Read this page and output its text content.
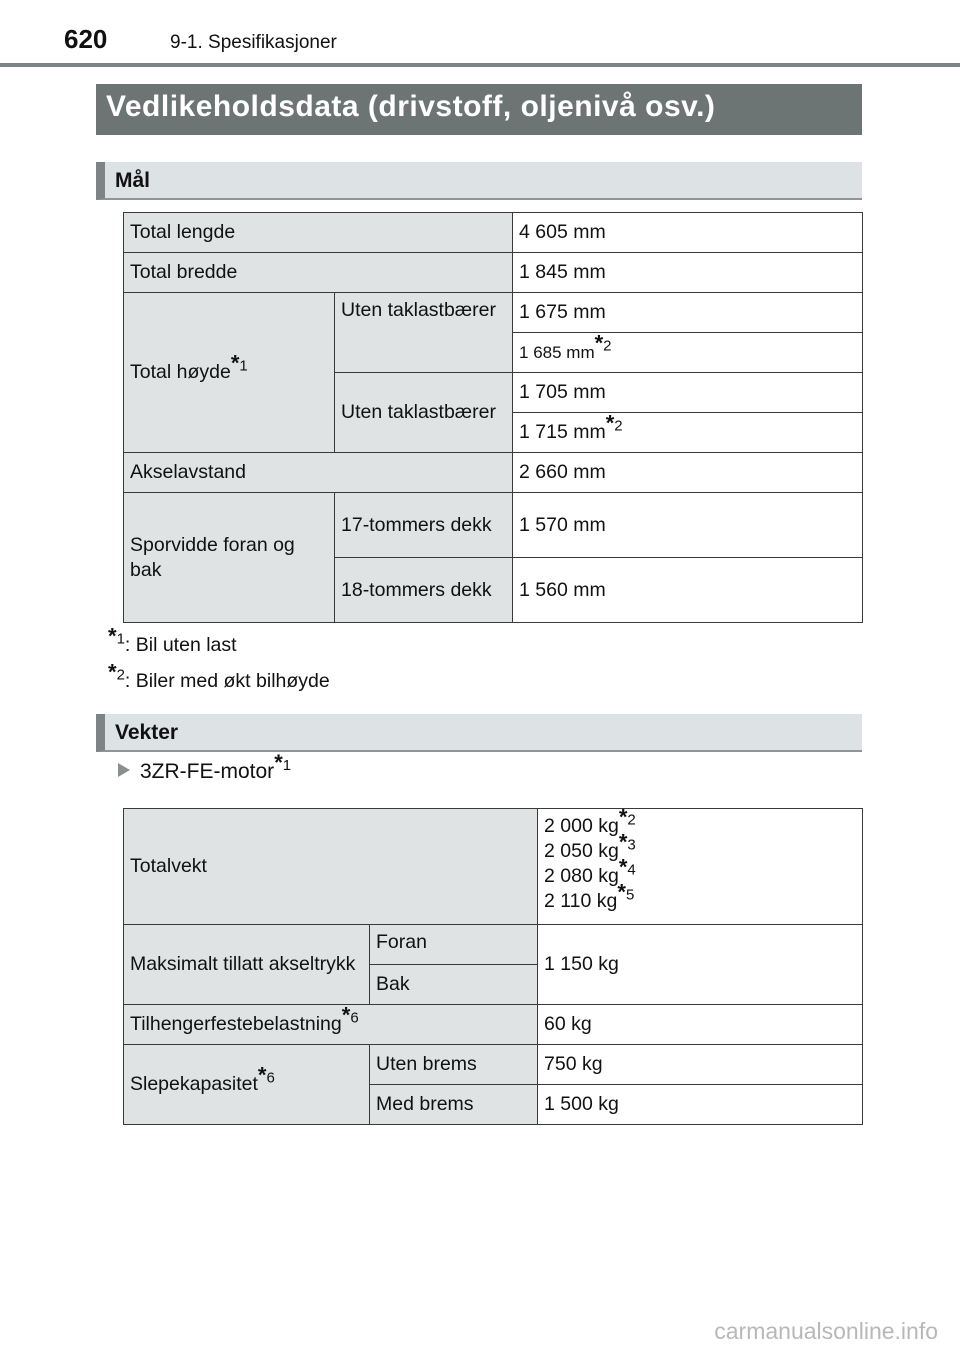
620	9-1. Spesifikasjoner
Vedlikeholdsdata (drivstoff, oljenivå osv.)
Mål
Total lengde		4 605 mm
Total bredde		1 845 mm
Total høyde*$^1$	Uten taklastbærer	1 675 mm
		1 685 mm*$^2$
	Uten taklastbærer	1 705 mm
		1 715 mm*$^2$
Akselavstand		2 660 mm
Sporvidde foran og bak	17-tommers dekk	1 570 mm
	18-tommers dekk	1 560 mm
*$^1$: Bil uten last
*$^2$: Biler med økt bilhøyde
Vekter
3ZR-FE-motor*$^1$
Totalvekt		2 000 kg*$^2$
2 050 kg*$^3$
2 080 kg*$^4$
2 110 kg*$^5$

Maksimalt tillatt akseltrykk	Foran	1 150 kg
	Bak	
Tilhengerfestebelastning*$^6$		60 kg
Slepekapasitet*$^6$	Uten brems	750 kg
	Med brems	1 500 kg
carmanualsonline.info
